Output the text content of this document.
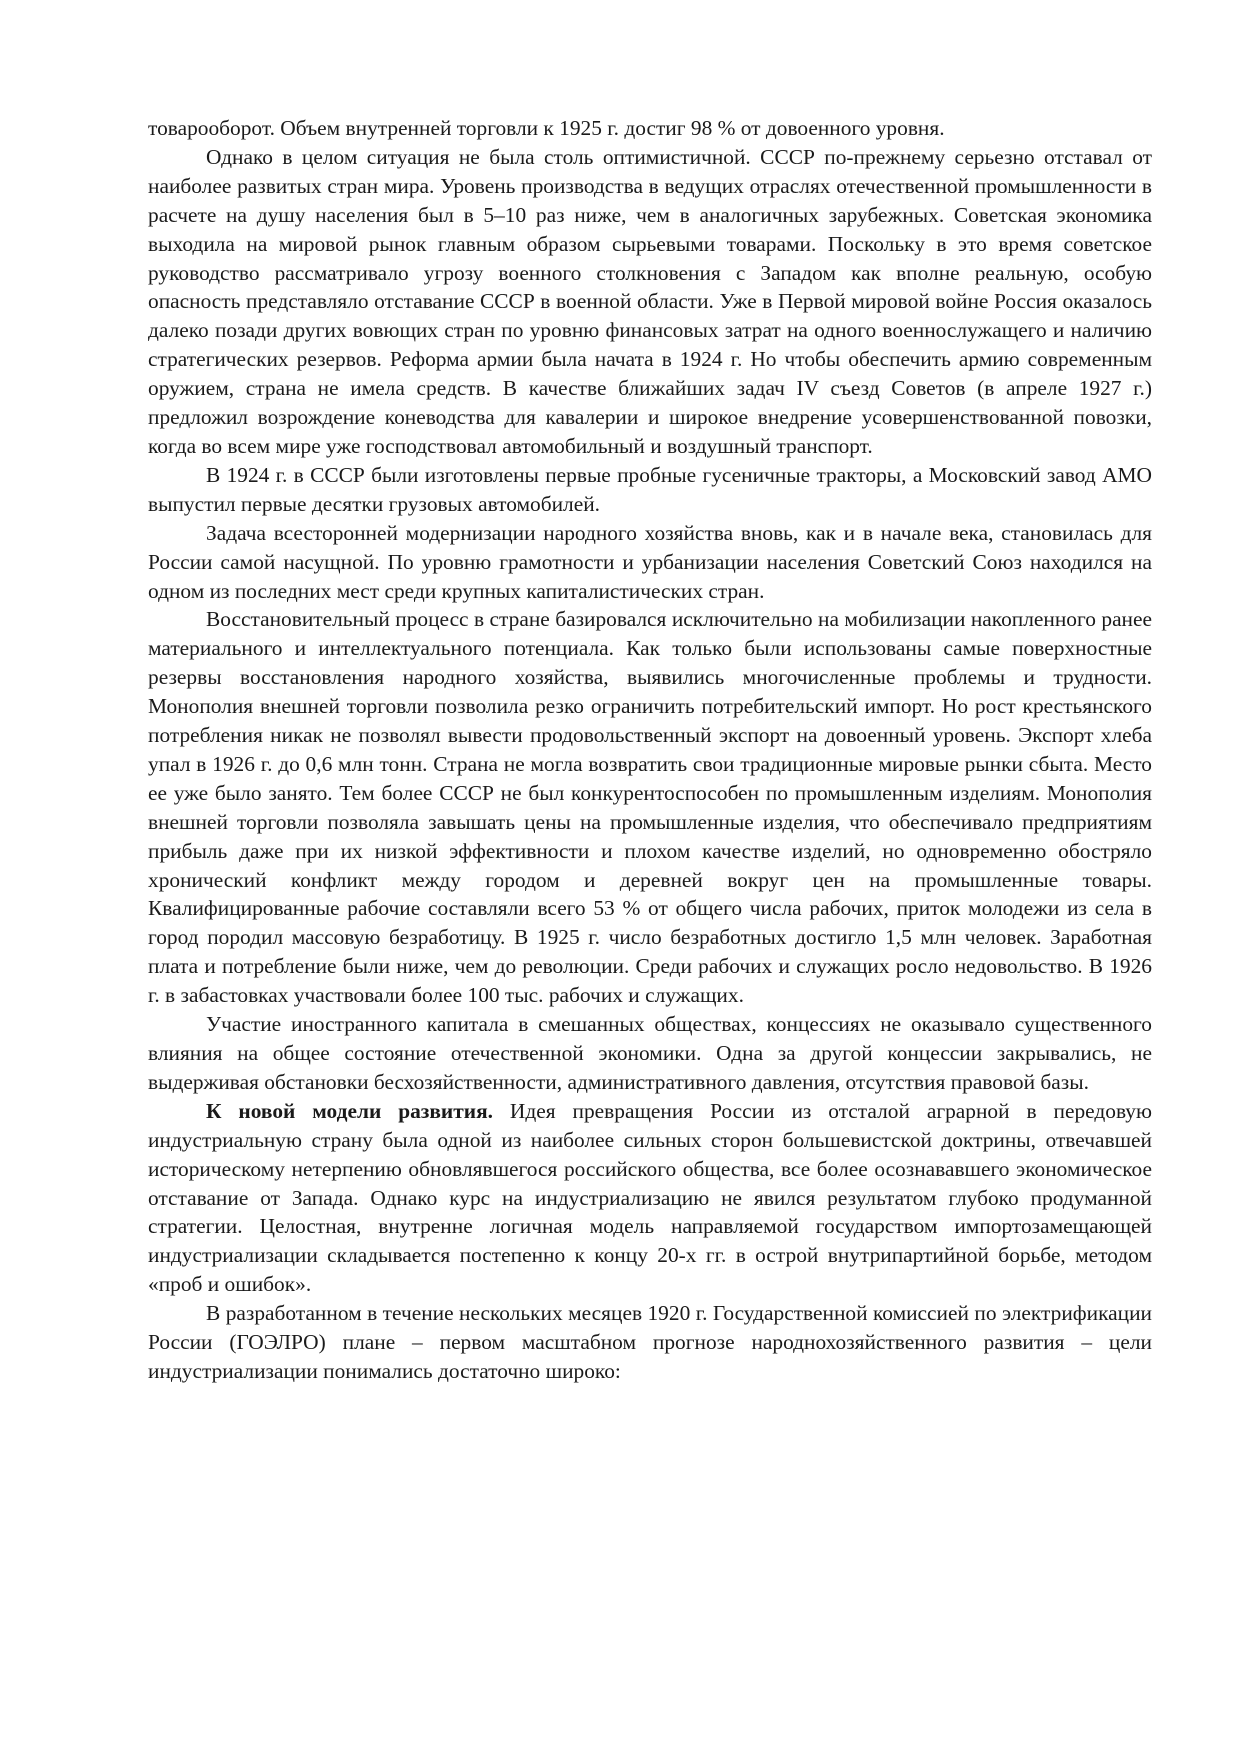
товарооборот. Объем внутренней торговли к 1925 г. достиг 98 % от довоенного уровня.

Однако в целом ситуация не была столь оптимистичной. СССР по-прежнему серьезно отставал от наиболее развитых стран мира. Уровень производства в ведущих отраслях отечественной промышленности в расчете на душу населения был в 5–10 раз ниже, чем в аналогичных зарубежных. Советская экономика выходила на мировой рынок главным образом сырьевыми товарами. Поскольку в это время советское руководство рассматривало угрозу военного столкновения с Западом как вполне реальную, особую опасность представляло отставание СССР в военной области. Уже в Первой мировой войне Россия оказалось далеко позади других вовющих стран по уровню финансовых затрат на одного военнослужащего и наличию стратегических резервов. Реформа армии была начата в 1924 г. Но чтобы обеспечить армию современным оружием, страна не имела средств. В качестве ближайших задач IV съезд Советов (в апреле 1927 г.) предложил возрождение коневодства для кавалерии и широкое внедрение усовершенствованной повозки, когда во всем мире уже господствовал автомобильный и воздушный транспорт.

В 1924 г. в СССР были изготовлены первые пробные гусеничные тракторы, а Московский завод АМО выпустил первые десятки грузовых автомобилей.

Задача всесторонней модернизации народного хозяйства вновь, как и в начале века, становилась для России самой насущной. По уровню грамотности и урбанизации населения Советский Союз находился на одном из последних мест среди крупных капиталистических стран.

Восстановительный процесс в стране базировался исключительно на мобилизации накопленного ранее материального и интеллектуального потенциала. Как только были использованы самые поверхностные резервы восстановления народного хозяйства, выявились многочисленные проблемы и трудности. Монополия внешней торговли позволила резко ограничить потребительский импорт. Но рост крестьянского потребления никак не позволял вывести продовольственный экспорт на довоенный уровень. Экспорт хлеба упал в 1926 г. до 0,6 млн тонн. Страна не могла возвратить свои традиционные мировые рынки сбыта. Место ее уже было занято. Тем более СССР не был конкурентоспособен по промышленным изделиям. Монополия внешней торговли позволяла завышать цены на промышленные изделия, что обеспечивало предприятиям прибыль даже при их низкой эффективности и плохом качестве изделий, но одновременно обостряло хронический конфликт между городом и деревней вокруг цен на промышленные товары. Квалифицированные рабочие составляли всего 53 % от общего числа рабочих, приток молодежи из села в город породил массовую безработицу. В 1925 г. число безработных достигло 1,5 млн человек. Заработная плата и потребление были ниже, чем до революции. Среди рабочих и служащих росло недовольство. В 1926 г. в забастовках участвовали более 100 тыс. рабочих и служащих.

Участие иностранного капитала в смешанных обществах, концессиях не оказывало существенного влияния на общее состояние отечественной экономики. Одна за другой концессии закрывались, не выдерживая обстановки бесхозяйственности, административного давления, отсутствия правовой базы.

К новой модели развития. Идея превращения России из отсталой аграрной в передовую индустриальную страну была одной из наиболее сильных сторон большевистской доктрины, отвечавшей историческому нетерпению обновлявшегося российского общества, все более осознававшего экономическое отставание от Запада. Однако курс на индустриализацию не явился результатом глубоко продуманной стратегии. Целостная, внутренне логичная модель направляемой государством импортозамещающей индустриализации складывается постепенно к концу 20-х гг. в острой внутрипартийной борьбе, методом «проб и ошибок».

В разработанном в течение нескольких месяцев 1920 г. Государственной комиссией по электрификации России (ГОЭЛРО) плане – первом масштабном прогнозе народнохозяйственного развития – цели индустриализации понимались достаточно широко:
